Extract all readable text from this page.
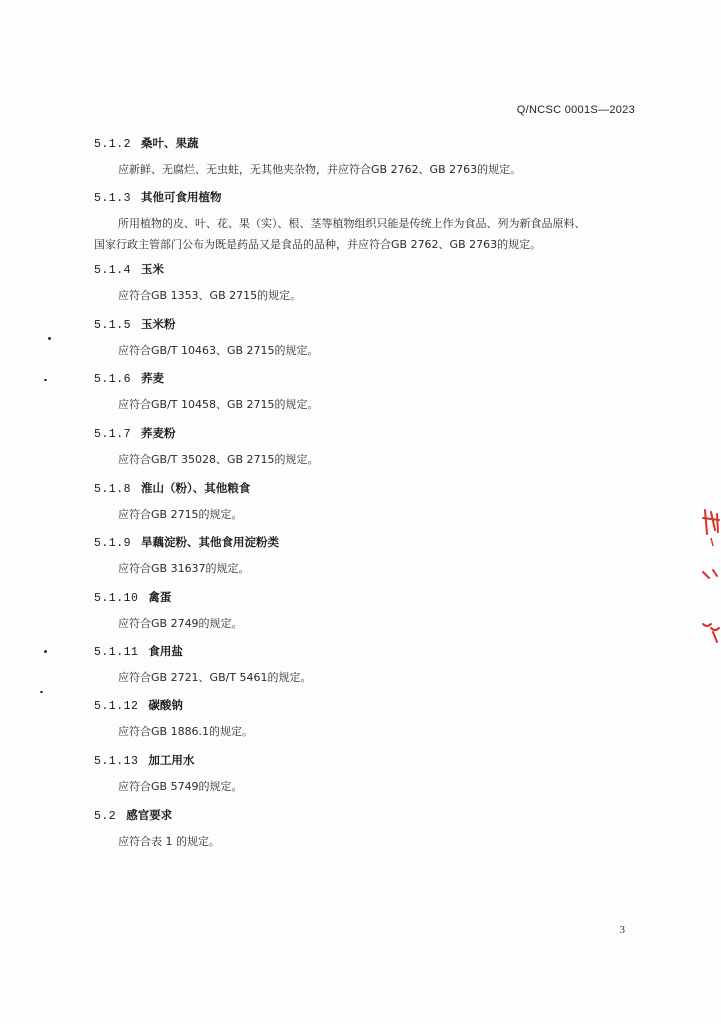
Q/NCSC 0001S—2023
5.1.2 桑叶、果蔬
应新鲜、无腐烂、无虫蛀，无其他夹杂物，并应符合GB 2762、GB 2763的规定。
5.1.3 其他可食用植物
所用植物的皮、叶、花、果（实）、根、茎等植物组织只能是传统上作为食品、列为新食品原料、
国家行政主管部门公布为既是药品又是食品的品种，并应符合GB 2762、GB 2763的规定。
5.1.4 玉米
应符合GB 1353、GB 2715的规定。
5.1.5 玉米粉
应符合GB/T 10463、GB 2715的规定。
5.1.6 荞麦
应符合GB/T 10458、GB 2715的规定。
5.1.7 荞麦粉
应符合GB/T 35028、GB 2715的规定。
5.1.8 淮山（粉）、其他粮食
应符合GB 2715的规定。
5.1.9 旱藕淀粉、其他食用淀粉类
应符合GB 31637的规定。
5.1.10 禽蛋
应符合GB 2749的规定。
5.1.11 食用盐
应符合GB 2721、GB/T 5461的规定。
5.1.12 碳酸钠
应符合GB 1886.1的规定。
5.1.13 加工用水
应符合GB 5749的规定。
5.2 感官要求
应符合表 1 的规定。
3
